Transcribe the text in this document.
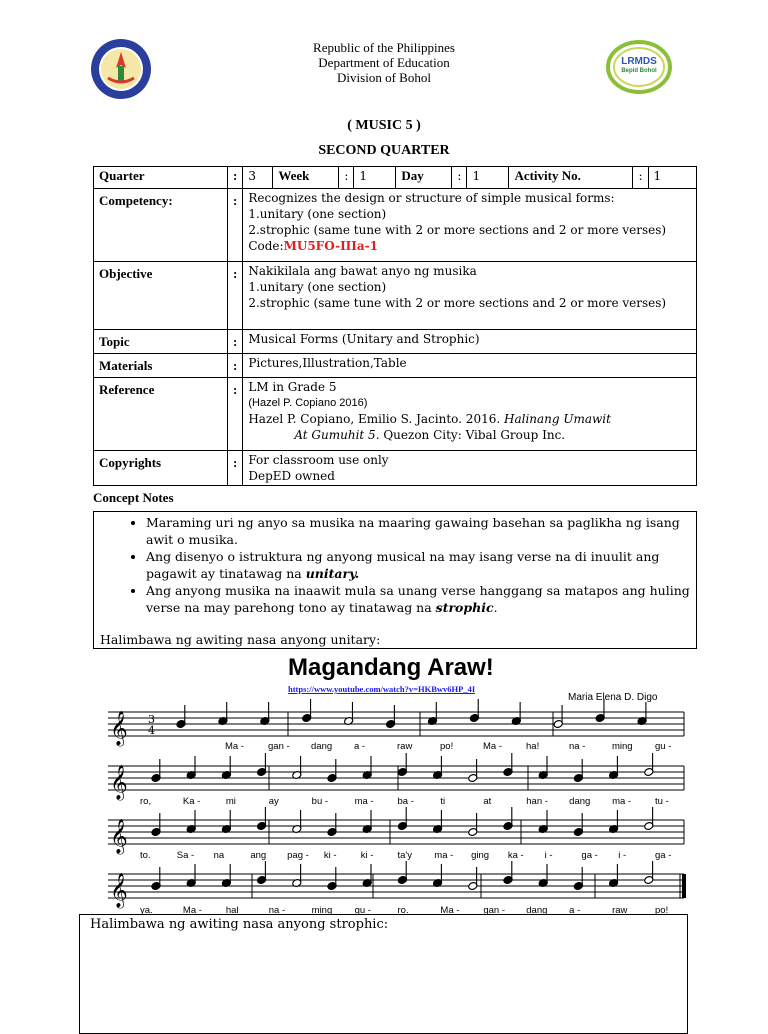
Republic of the Philippines
Department of Education
Division of Bohol
LRMDS
Bepid Bohol
( MUSIC 5 )
SECOND QUARTER
Quarter	:	3	Week	:	1	Day	:	1	Activity No.	:	1
Competency:	:	Recognizes the design or structure of simple musical forms:
1.unitary (one section)
2.strophic (same tune with 2 or more sections and 2 or more verses) Code:MU5FO-IIIa-1									

Objective	:	Nakikilala ang bawat anyo ng musika
1.unitary (one section)
2.strophic (same tune with 2 or more sections and 2 or more verses)									

Topic	:	Musical Forms (Unitary and Strophic)									
Materials	:	Pictures,Illustration,Table									
Reference	:	LM in Grade 5
(Hazel P. Copiano 2016)
Hazel P. Copiano, Emilio S. Jacinto. 2016. Halinang Umawit
At Gumuhit 5. Quezon City: Vibal Group Inc.									

Copyrights	:	For classroom use only
DepED owned									
Concept Notes
• Maraming uri ng anyo sa musika na maaring gawaing basehan sa paglikha ng isang awit o musika.
• Ang disenyo o istruktura ng anyong musical na may isang verse na di inuulit ang pagawit ay tinatawag na unitary.
• Ang anyong musika na inaawit mula sa unang verse hanggang sa matapos ang huling verse na may parehong tono ay tinatawag na strophic.
Halimbawa ng awiting nasa anyong unitary:
Magandang Araw!
https://www.youtube.com/watch?v=HKBwv6HP_4I
Maria Elena D. Digo
𝄞
𝄞
𝄞
𝄞
3
4
Ma -	gan - dang a -	raw	po!	Ma -	ha!	na -	ming gu -
ro,	Ka -	mi	ay	bu -	ma -	ba -	ti	at	han - dang ma -	tu -
to.	Sa - na	ang pag - ki -	ki -	ta'y ma - ging ka - i -	ga - i -	ga -
ya.	Ma -	hal	na -	ming gu -	ro.	Ma -	gan - dang a -	raw	po!
Halimbawa ng awiting nasa anyong strophic:
